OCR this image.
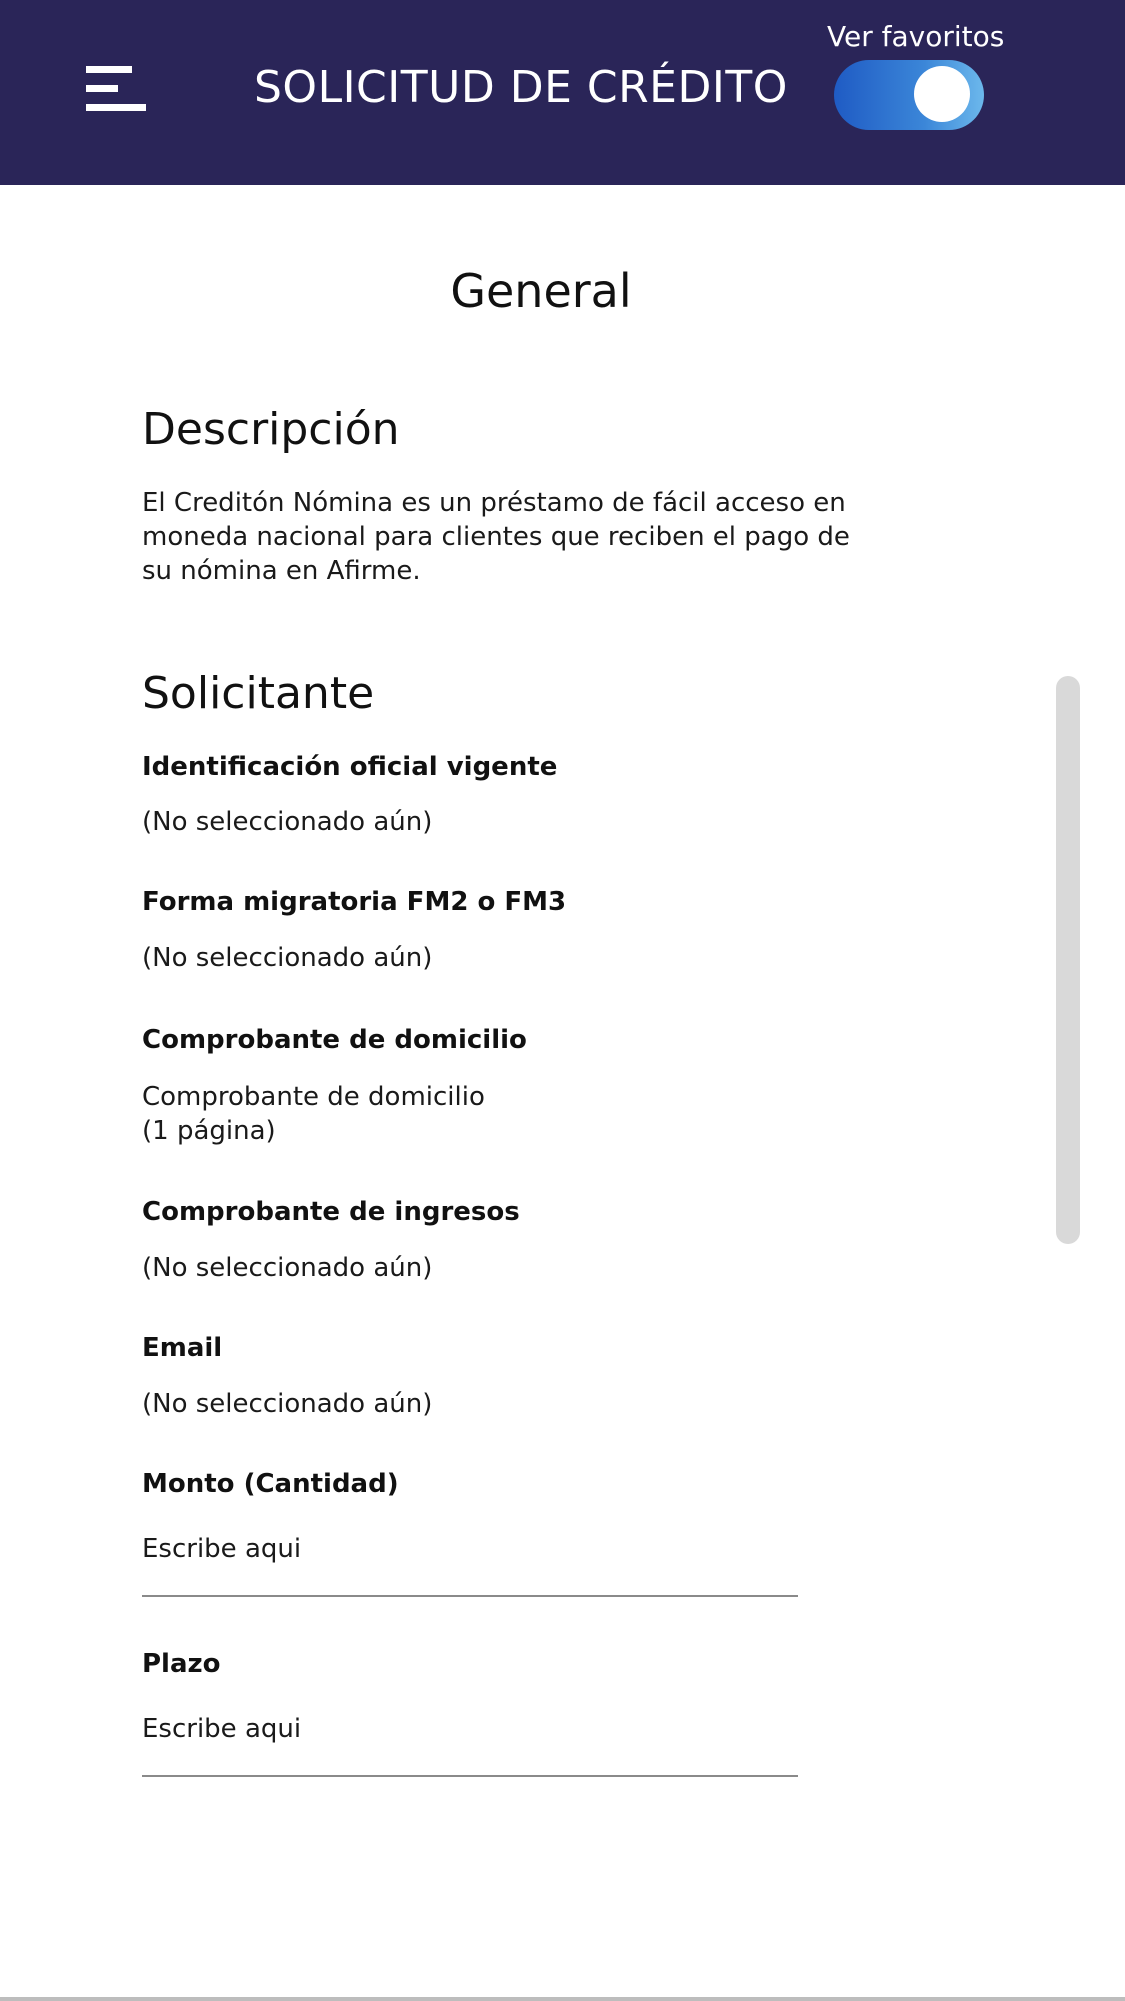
SOLICITUD DE CRÉDITO
Ver favoritos
General
Descripción
El Creditón Nómina es un préstamo de fácil acceso en moneda nacional para clientes que reciben el pago de su nómina en Afirme.
Solicitante
Identificación oficial vigente
(No seleccionado aún)
Forma migratoria FM2 o FM3
(No seleccionado aún)
Comprobante de domicilio
Comprobante de domicilio
(1 página)
Comprobante de ingresos
(No seleccionado aún)
Email
(No seleccionado aún)
Monto (Cantidad)
Escribe aqui
Plazo
Escribe aqui
